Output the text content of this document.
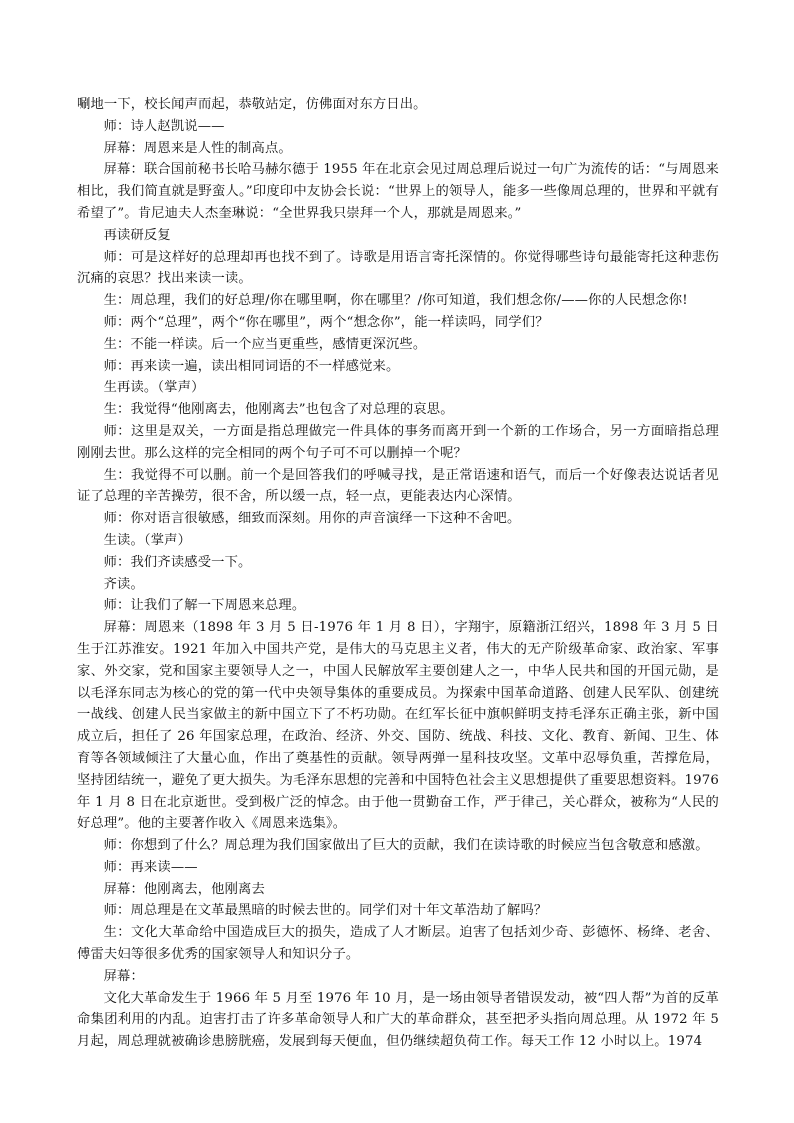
唰地一下，校长闻声而起，恭敬站定，仿佛面对东方日出。

师：诗人赵凯说——

屏幕：周恩来是人性的制高点。

屏幕：联合国前秘书长哈马赫尔德于 1955 年在北京会见过周总理后说过一句广为流传的话：“与周恩来相比，我们简直就是野蛮人。”印度印中友协会长说：“世界上的领导人，能多一些像周总理的，世界和平就有希望了”。肯尼迪夫人杰奎琳说：“全世界我只崇拜一个人，那就是周恩来。”

再读研反复

师：可是这样好的总理却再也找不到了。诗歌是用语言寄托深情的。你觉得哪些诗句最能寄托这种悲伤沉痛的哀思？找出来读一读。

生：周总理，我们的好总理/你在哪里啊，你在哪里？/你可知道，我们想念你/——你的人民想念你!

师：两个“总理”，两个“你在哪里”，两个“想念你”，能一样读吗，同学们？

生：不能一样读。后一个应当更重些，感情更深沉些。

师：再来读一遍，读出相同词语的不一样感觉来。

生再读。（掌声）

生：我觉得“他刚离去，他刚离去”也包含了对总理的哀思。

师：这里是双关，一方面是指总理做完一件具体的事务而离开到一个新的工作场合，另一方面暗指总理刚刚去世。那么这样的完全相同的两个句子可不可以删掉一个呢？

生：我觉得不可以删。前一个是回答我们的呼喊寻找，是正常语速和语气，而后一个好像表达说话者见证了总理的辛苦操劳，很不舍，所以缓一点，轻一点，更能表达内心深情。

师：你对语言很敏感，细致而深刻。用你的声音演绎一下这种不舍吧。

生读。（掌声）

师：我们齐读感受一下。

齐读。

师：让我们了解一下周恩来总理。

屏幕：周恩来（1898 年 3 月 5 日-1976 年 1 月 8 日），字翔宇，原籍浙江绍兴，1898 年 3 月 5 日生于江苏淮安。1921 年加入中国共产党，是伟大的马克思主义者，伟大的无产阶级革命家、政治家、军事家、外交家，党和国家主要领导人之一，中国人民解放军主要创建人之一，中华人民共和国的开国元勋，是以毛泽东同志为核心的党的第一代中央领导集体的重要成员。为探索中国革命道路、创建人民军队、创建统一战线、创建人民当家做主的新中国立下了不朽功勋。在红军长征中旗帜鲜明支持毛泽东正确主张，新中国成立后，担任了 26 年国家总理，在政治、经济、外交、国防、统战、科技、文化、教育、新闻、卫生、体育等各领域倾注了大量心血，作出了奠基性的贡献。领导两弹一星科技攻坚。文革中忍辱负重，苦撑危局，坚持团结统一，避免了更大损失。为毛泽东思想的完善和中国特色社会主义思想提供了重要思想资料。1976 年 1 月 8 日在北京逝世。受到极广泛的悼念。由于他一贯勤奋工作，严于律己，关心群众，被称为“人民的好总理”。他的主要著作收入《周恩来选集》。

师：你想到了什么？周总理为我们国家做出了巨大的贡献，我们在读诗歌的时候应当包含敬意和感激。

师：再来读——

屏幕：他刚离去，他刚离去

师：周总理是在文革最黑暗的时候去世的。同学们对十年文革浩劫了解吗？

生：文化大革命给中国造成巨大的损失，造成了人才断层。迫害了包括刘少奇、彭德怀、杨绛、老舍、傅雷夫妇等很多优秀的国家领导人和知识分子。

屏幕：

文化大革命发生于 1966 年 5 月至 1976 年 10 月，是一场由领导者错误发动，被“四人帮”为首的反革命集团利用的内乱。迫害打击了许多革命领导人和广大的革命群众，甚至把矛头指向周总理。从 1972 年 5 月起，周总理就被确诊患膀胱癌，发展到每天便血，但仍继续超负荷工作。每天工作 12 小时以上。1974
